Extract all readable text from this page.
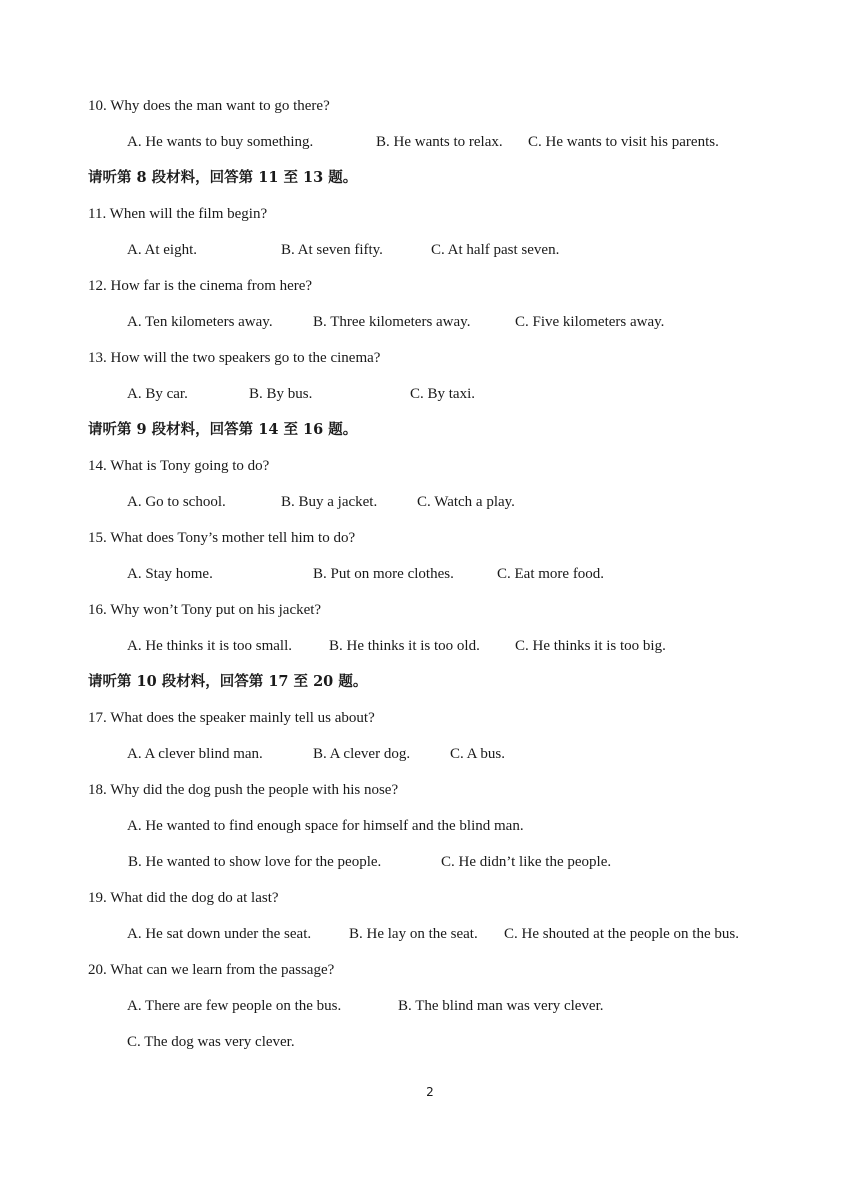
10. Why does the man want to go there?
A. He wants to buy something.	B. He wants to relax. C. He wants to visit his parents.
请听第 8 段材料，回答第 11 至 13 题。
11. When will the film begin?
A. At eight.	B. At seven fifty.	C. At half past seven.
12. How far is the cinema from here?
A. Ten kilometers away.	B. Three kilometers away.	C. Five kilometers away.
13. How will the two speakers go to the cinema?
A. By car.	B. By bus.	C. By taxi.
请听第 9 段材料，回答第 14 至 16 题。
14. What is Tony going to do?
A. Go to school.	B. Buy a jacket.	C. Watch a play.
15. What does Tony’s mother tell him to do?
A. Stay home.	B. Put on more clothes.	C. Eat more food.
16. Why won’t Tony put on his jacket?
A. He thinks it is too small. B. He thinks it is too old. C. He thinks it is too big.
请听第 10 段材料，回答第 17 至 20 题。
17. What does the speaker mainly tell us about?
A. A clever blind man.	B. A clever dog.	C. A bus.
18. Why did the dog push the people with his nose?
A. He wanted to find enough space for himself and the blind man.
B. He wanted to show love for the people.	C. He didn’t like the people.
19. What did the dog do at last?
A. He sat down under the seat.	B. He lay on the seat. C. He shouted at the people on the bus.
20. What can we learn from the passage?
A. There are few people on the bus.	B. The blind man was very clever.
C. The dog was very clever.
2
